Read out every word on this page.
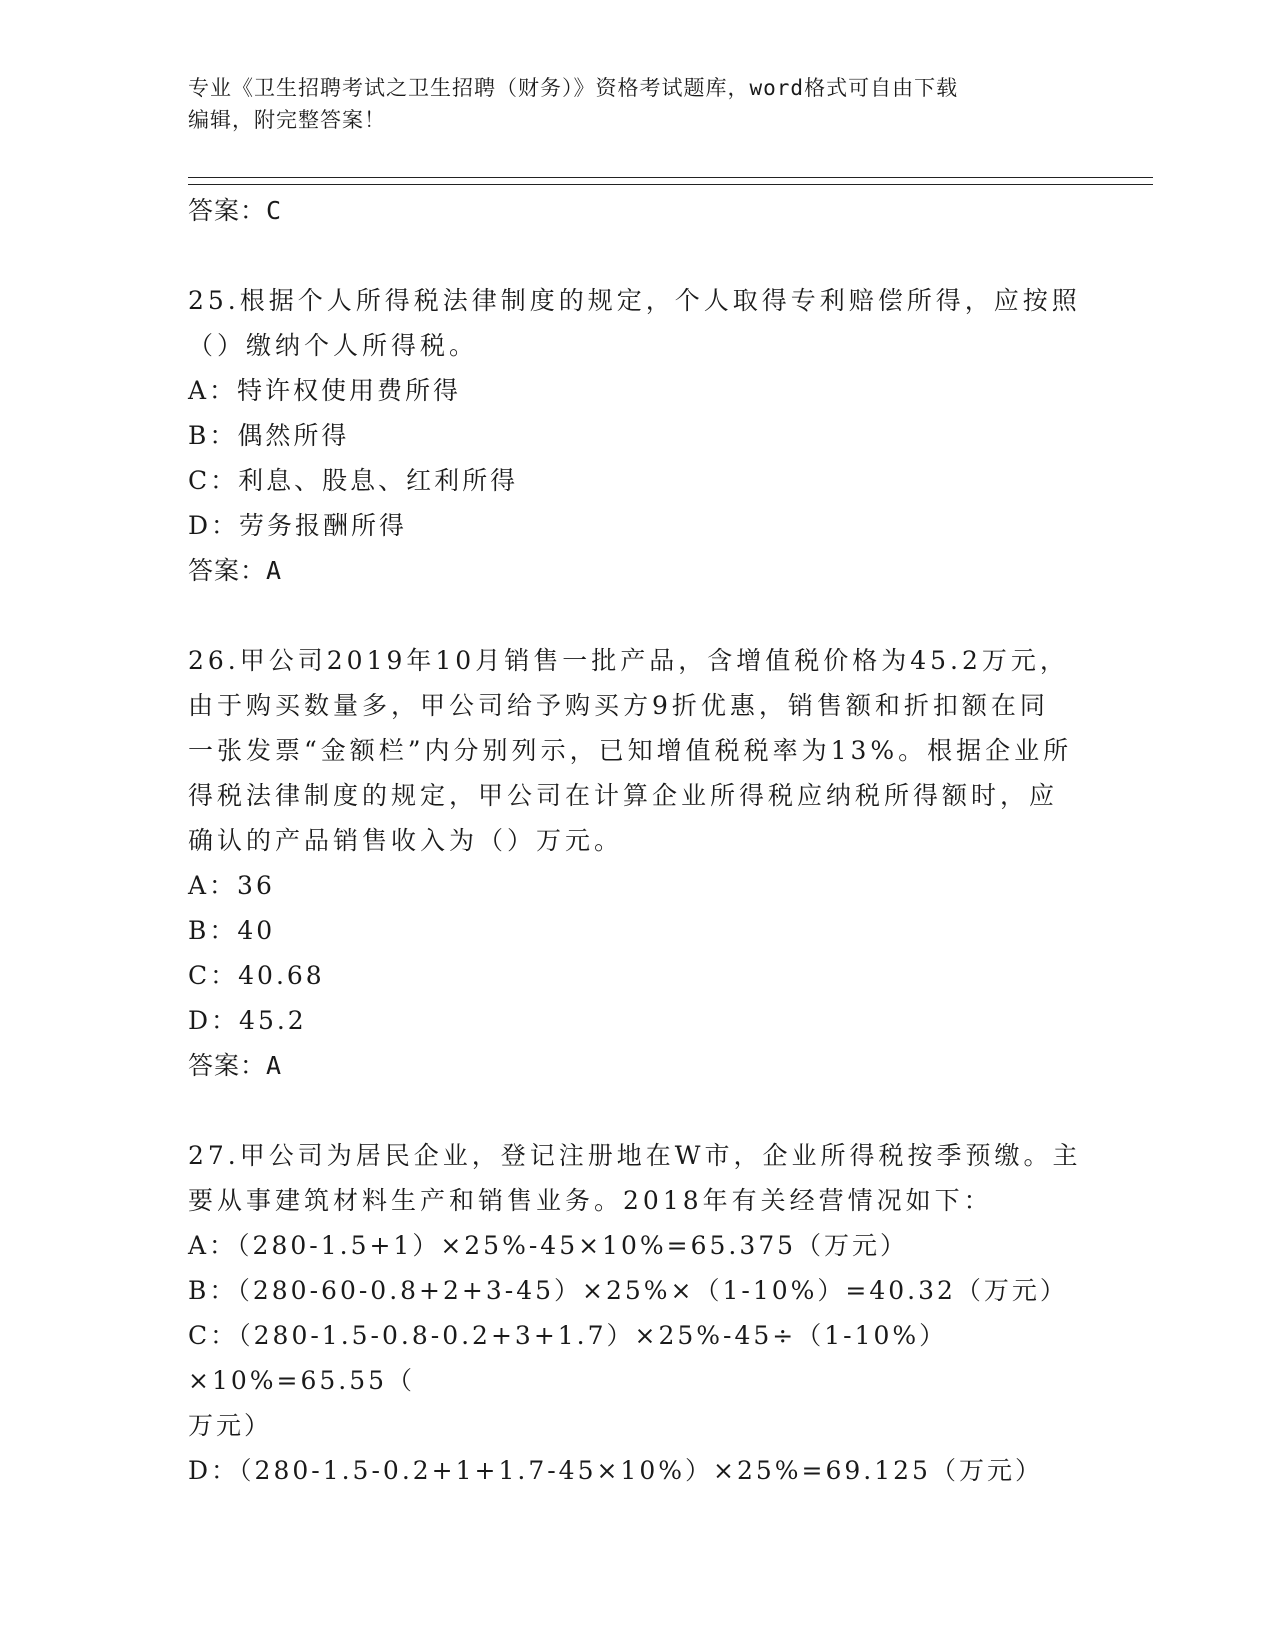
专业《卫生招聘考试之卫生招聘（财务）》资格考试题库，word格式可自由下载
编辑，附完整答案！
答案：C
25.根据个人所得税法律制度的规定，个人取得专利赔偿所得，应按照
（）缴纳个人所得税。
A：特许权使用费所得
B：偶然所得
C：利息、股息、红利所得
D：劳务报酬所得
答案：A
26.甲公司2019年10月销售一批产品，含增值税价格为45.2万元，
由于购买数量多，甲公司给予购买方9折优惠，销售额和折扣额在同
一张发票“金额栏”内分别列示，已知增值税税率为13%。根据企业所
得税法律制度的规定，甲公司在计算企业所得税应纳税所得额时，应
确认的产品销售收入为（）万元。
A：36
B：40
C：40.68
D：45.2
答案：A
27.甲公司为居民企业，登记注册地在W市，企业所得税按季预缴。主
要从事建筑材料生产和销售业务。2018年有关经营情况如下：
A：（280-1.5+1）×25%-45×10%=65.375（万元）
B：（280-60-0.8+2+3-45）×25%×（1-10%）=40.32（万元）
C：（280-1.5-0.8-0.2+3+1.7）×25%-45÷（1-10%）×10%=65.55（
万元）
D：（280-1.5-0.2+1+1.7-45×10%）×25%=69.125（万元）
